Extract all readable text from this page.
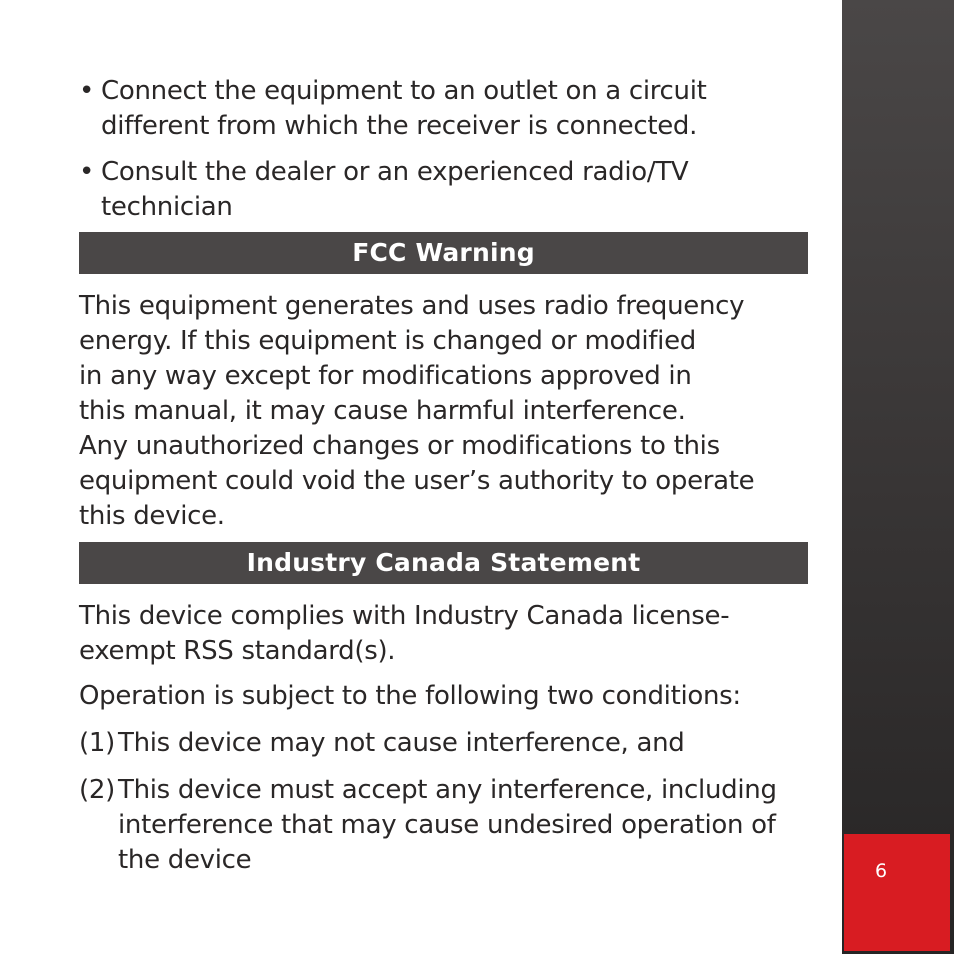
• Connect the equipment to an outlet on a circuit
different from which the receiver is connected.
• Consult the dealer or an experienced radio/TV
technician
FCC Warning
This equipment generates and uses radio frequency
energy. If this equipment is changed or modified
in any way except for modifications approved in
this manual, it may cause harmful interference.
Any unauthorized changes or modifications to this
equipment could void the user’s authority to operate
this device.
Industry Canada Statement
This device complies with Industry Canada license-
exempt RSS standard(s).
Operation is subject to the following two conditions:
(1) This device may not cause interference, and
(2) This device must accept any interference, including
interference that may cause undesired operation of
the device	6
